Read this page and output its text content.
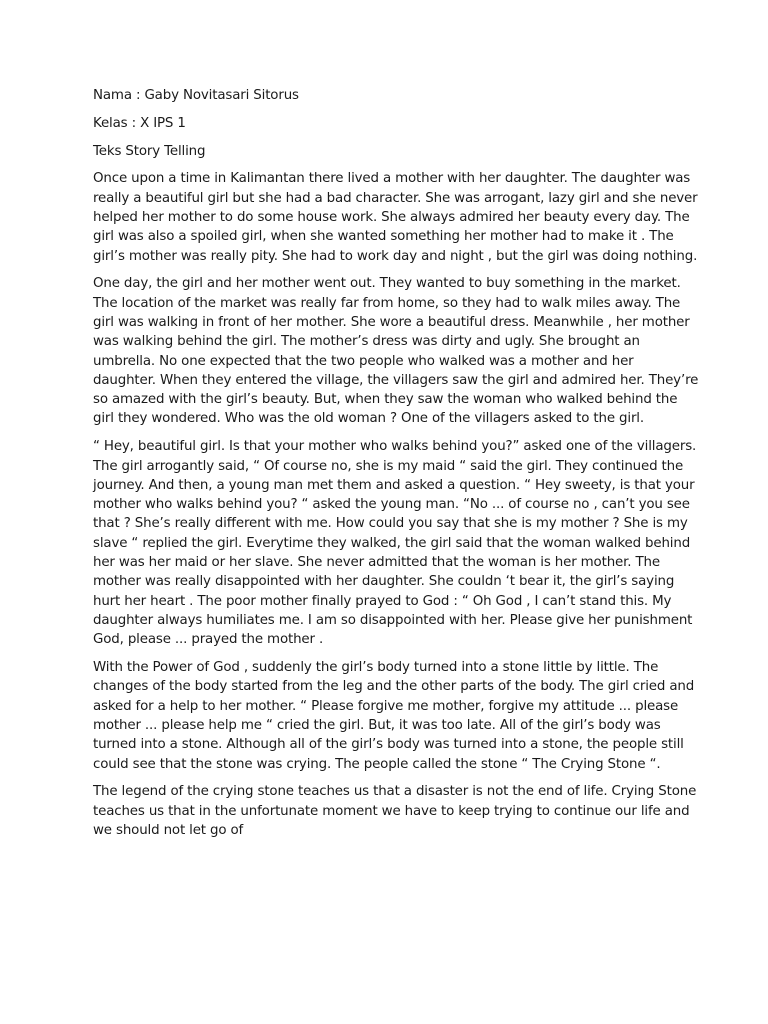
Nama : Gaby Novitasari Sitorus

Kelas : X IPS 1

Teks Story Telling

Once upon a time in Kalimantan there lived a mother with her daughter. The daughter was

really a beautiful girl but she had a bad character. She was arrogant, lazy girl and she never

helped her mother to do some house work. She always admired her beauty every day. The

girl was also a spoiled girl, when she wanted something her mother had to make it . The

girl’s mother was really pity. She had to work day and night , but the girl was doing nothing.

One day, the girl and her mother went out. They wanted to buy something in the market.

The location of the market was really far from home, so they had to walk miles away. The

girl was walking in front of her mother. She wore a beautiful dress. Meanwhile , her mother

was walking behind the girl. The mother’s dress was dirty and ugly. She brought an

umbrella. No one expected that the two people who walked was a mother and her

daughter. When they entered the village, the villagers saw the girl and admired her. They’re

so amazed with the girl’s beauty. But, when they saw the woman who walked behind the

girl they wondered. Who was the old woman ? One of the villagers asked to the girl.

“ Hey, beautiful girl. Is that your mother who walks behind you?” asked one of the villagers.

The girl arrogantly said, “ Of course no, she is my maid “ said the girl. They continued the

journey. And then, a young man met them and asked a question. “ Hey sweety, is that your

mother who walks behind you? “ asked the young man. “No ... of course no , can’t you see

that ? She’s really different with me. How could you say that she is my mother ? She is my

slave “ replied the girl. Everytime they walked, the girl said that the woman walked behind

her was her maid or her slave. She never admitted that the woman is her mother. The

mother was really disappointed with her daughter. She couldn ‘t bear it, the girl’s saying

hurt her heart . The poor mother finally prayed to God : “ Oh God , I can’t stand this. My

daughter always humiliates me. I am so disappointed with her. Please give her punishment

God, please ... prayed the mother .

With the Power of God , suddenly the girl’s body turned into a stone little by little. The

changes of the body started from the leg and the other parts of the body. The girl cried and

asked for a help to her mother. “ Please forgive me mother, forgive my attitude ... please

mother ... please help me “ cried the girl. But, it was too late. All of the girl’s body was

turned into a stone. Although all of the girl’s body was turned into a stone, the people still

could see that the stone was crying. The people called the stone “ The Crying Stone “.

The legend of the crying stone teaches us that a disaster is not the end of life. Crying Stone

teaches us that in the unfortunate moment we have to keep trying to continue our life and

we should not let go of
